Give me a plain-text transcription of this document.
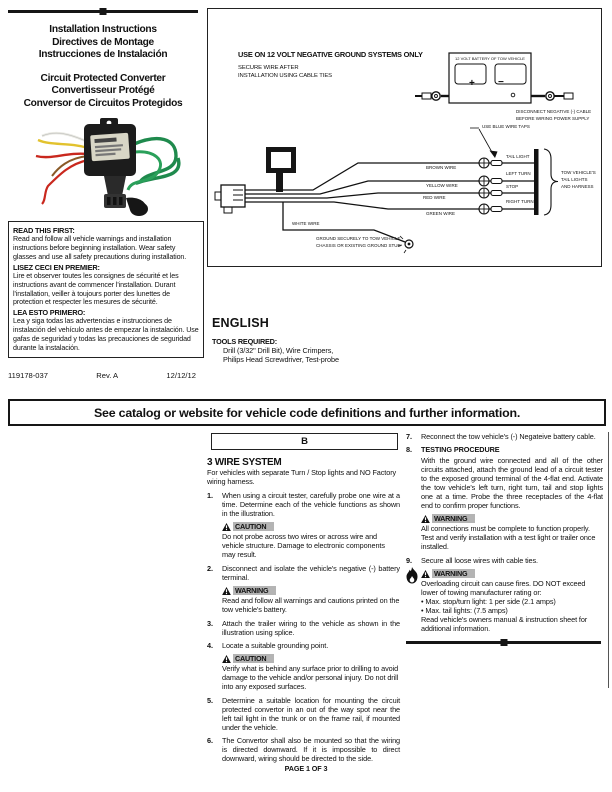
Installation Instructions
Directives de Montage
Instrucciones de Instalación
Circuit Protected Converter
Convertisseur Protégé
Conversor de Circuitos Protegidos
READ THIS FIRST:

Read and follow all vehicle warnings and installation instructions before beginning installation. Wear safety glasses and use all safety precautions during installation.

LISEZ CECI EN PREMIER:

Lire et observer toutes les consignes de sécurité et les instructions avant de commencer l'installation. Durant l'installation, veiller à toujours porter des lunettes de protection et respecter les mesures de sécurité.

LEA ESTO PRIMERO:

Lea y siga todas las advertencias e instrucciones de instalación del vehículo antes de empezar la instalación. Use gafas de seguridad y todas las precauciones de seguridad durante la instalación.

119178-037	Rev. A	12/12/12
USE ON 12 VOLT NEGATIVE GROUND SYSTEMS ONLY
SECURE WIRE AFTER
INSTALLATION USING CABLE TIES
12 VOLT BATTERY OF TOW VEHICLE
+ −
DISCONNECT NEGATIVE (-) CABLE
BEFORE WIRING POWER SUPPLY
USE BLUE WIRE TAPS
BROWN WIRE
YELLOW WIRE
RED WIRE
GREEN WIRE
TAIL LIGHT
LEFT TURN
STOP
RIGHT TURN
TOW VEHICLE'S
TAIL LIGHTS
AND HARNESS
WHITE WIRE
GROUND SECURELY TO TOW VEHICLE
CHASSIS OR EXISTING GROUND STUD
ENGLISH
TOOLS REQUIRED:
Drill (3/32" Drill Bit), Wire Crimpers,
Philips Head Screwdriver, Test-probe
See catalog or website for vehicle code definitions and further information.
B
3 WIRE SYSTEM
For vehicles with separate Turn / Stop lights and NO Factory wiring harness.
1.	When using a circuit tester, carefully probe one wire at a time. Determine each of the vehicle functions as shown in the illustration.
CAUTION
Do not probe across two wires or across wire and vehicle structure. Damage to electronic components may result.
2.	Disconnect and isolate the vehicle's negative (-) battery terminal.
WARNING
Read and follow all warnings and cautions printed on the tow vehicle's battery.
3.	Attach the trailer wiring to the vehicle as shown in the illustration using splice.
4.	Locate a suitable grounding point.
CAUTION
Verify what is behind any surface prior to drilling to avoid damage to the vehicle and/or personal injury. Do not drill into any exposed surfaces.
5.	Determine a suitable location for mounting the circuit protected convertor in an out of the way spot near the left tail light in the trunk or on the frame rail, if mounted under the vehicle.
6.	The Convertor shall also be mounted so that the wiring is directed downward. If it is impossible to direct downward, wiring should be directed to the side.
7.	Reconnect the tow vehicle's (-) Negateive battery cable.
8.	TESTING PROCEDURE
With the ground wire connected and all of the other circuits attached, attach the ground lead of a circuit tester to the exposed ground terminal of the 4-flat end. Activate the tow vehicle's left turn, right turn, tail and stop lights one at a time. Probe the three receptacles of the 4-flat end to confirm proper functions.
WARNING
All connections must be complete to function properly. Test and verify installation with a test light or trailer once installed.
9.	Secure all loose wires with cable ties.
WARNING
Overloading circuit can cause fires. DO NOT exceed lower of towing manufacturer rating or:
• Max. stop/turn light: 1 per side (2.1 amps)
• Max. tail lights: (7.5 amps)
Read vehicle's owners manual & instruction sheet for additional information.
PAGE 1 OF 3
